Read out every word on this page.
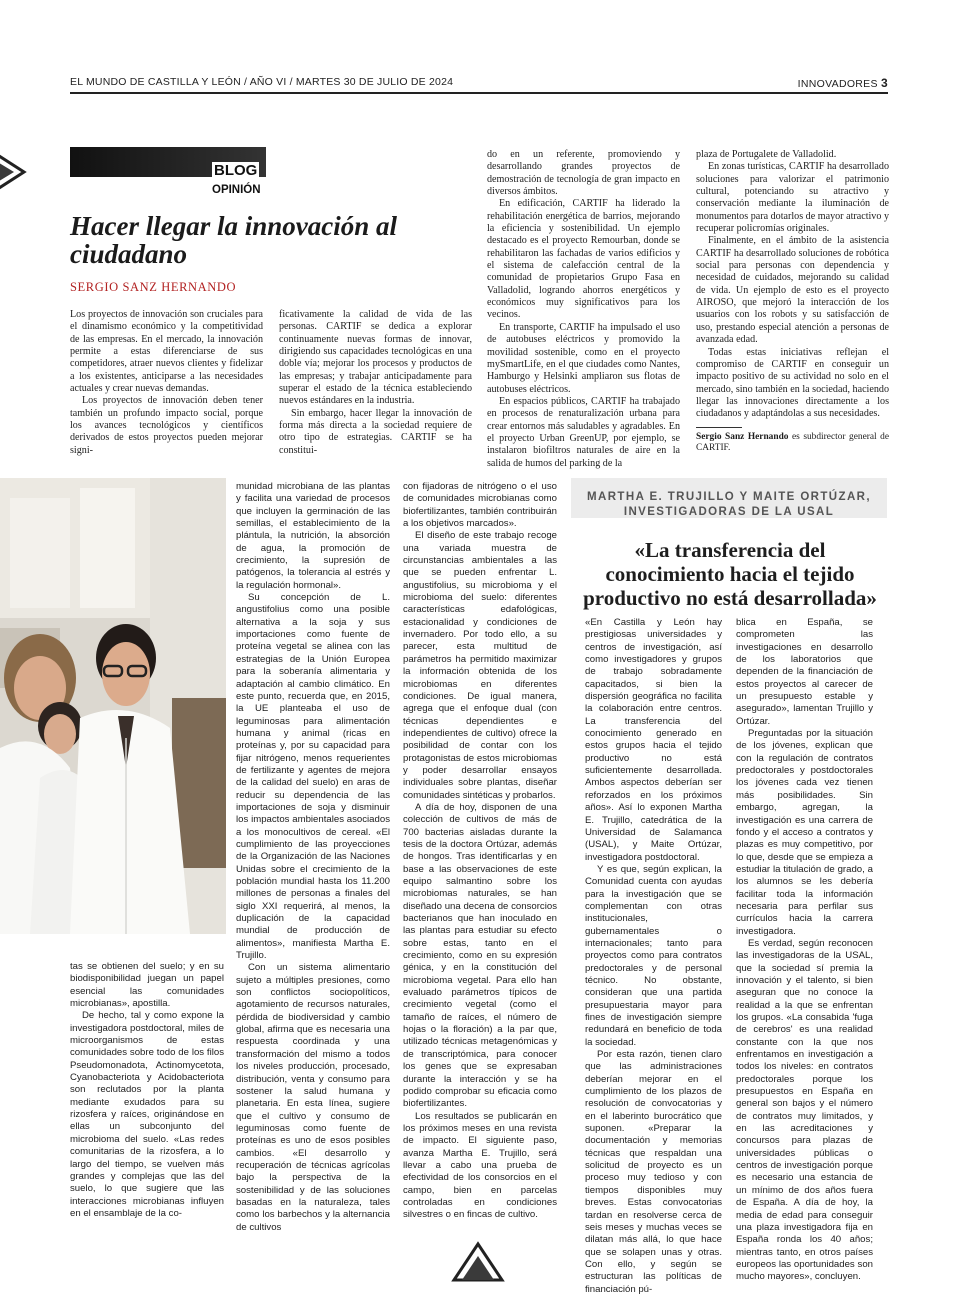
EL MUNDO DE CASTILLA Y LEÓN / AÑO VI / MARTES 30 DE JULIO DE 2024	INNOVADORES 3
BLOG
OPINIÓN
Hacer llegar la innovación al ciudadano
SERGIO SANZ HERNANDO

Los proyectos de innovación son cruciales para el dinamismo económico y la competitividad de las empresas. En el mercado, la innovación permite a estas diferenciarse de sus competidores, atraer nuevos clientes y fidelizar a los existentes, anticiparse a las necesidades actuales y crear nuevas demandas.

Los proyectos de innovación deben tener también un profundo impacto social, porque los avances tecnológicos y científicos derivados de estos proyectos pueden mejorar signi-

ficativamente la calidad de vida de las personas. CARTIF se dedica a explorar continuamente nuevas formas de innovar, dirigiendo sus capacidades tecnológicas en una doble vía; mejorar los procesos y productos de las empresas; y trabajar anticipadamente para superar el estado de la técnica estableciendo nuevos estándares en la industria.

Sin embargo, hacer llegar la innovación de forma más directa a la sociedad requiere de otro tipo de estrategias. CARTIF se ha constitui-

do en un referente, promoviendo y desarrollando grandes proyectos de demostración de tecnología de gran impacto en diversos ámbitos.

En edificación, CARTIF ha liderado la rehabilitación energética de barrios, mejorando la eficiencia y sostenibilidad. Un ejemplo destacado es el proyecto Remourban, donde se rehabilitaron las fachadas de varios edificios y el sistema de calefacción central de la comunidad de propietarios Grupo Fasa en Valladolid, logrando ahorros energéticos y económicos muy significativos para los vecinos.

En transporte, CARTIF ha impulsado el uso de autobuses eléctricos y promovido la movilidad sostenible, como en el proyecto mySmartLife, en el que ciudades como Nantes, Hamburgo y Helsinki ampliaron sus flotas de autobuses eléctricos.

En espacios públicos, CARTIF ha trabajado en procesos de renaturalización urbana para crear entornos más saludables y agradables. En el proyecto Urban GreenUP, por ejemplo, se instalaron biofiltros naturales de aire en la salida de humos del parking de la

plaza de Portugalete de Valladolid.

En zonas turísticas, CARTIF ha desarrollado soluciones para valorizar el patrimonio cultural, potenciando su atractivo y conservación mediante la iluminación de monumentos para dotarlos de mayor atractivo y recuperar policromías originales.

Finalmente, en el ámbito de la asistencia CARTIF ha desarrollado soluciones de robótica social para personas con dependencia y necesidad de cuidados, mejorando su calidad de vida. Un ejemplo de esto es el proyecto AIROSO, que mejoró la interacción de los usuarios con los robots y su satisfacción de uso, prestando especial atención a personas de avanzada edad.

Todas estas iniciativas reflejan el compromiso de CARTIF en conseguir un impacto positivo de su actividad no solo en el mercado, sino también en la sociedad, haciendo llegar las innovaciones directamente a los ciudadanos y adaptándolas a sus necesidades.

Sergio Sanz Hernando es subdirector general de CARTIF.

tas se obtienen del suelo; y en su biodisponibilidad juegan un papel esencial las comunidades microbianas», apostilla.

De hecho, tal y como expone la investigadora postdoctoral, miles de microorganismos de estas comunidades sobre todo de los filos Pseudomonadota, Actinomycetota, Cyanobacteriota y Acidobacteriota son reclutados por la planta mediante exudados para su rizosfera y raíces, originándose en ellas un subconjunto del microbioma del suelo. «Las redes comunitarias de la rizosfera, a lo largo del tiempo, se vuelven más grandes y complejas que las del suelo, lo que sugiere que las interacciones microbianas influyen en el ensamblaje de la co-

munidad microbiana de las plantas y facilita una variedad de procesos que incluyen la germinación de las semillas, el establecimiento de la plántula, la nutrición, la absorción de agua, la promoción de crecimiento, la supresión de patógenos, la tolerancia al estrés y la regulación hormonal».

Su concepción de L. angustifolius como una posible alternativa a la soja y sus importaciones como fuente de proteína vegetal se alinea con las estrategias de la Unión Europea para la soberanía alimentaria y adaptación al cambio climático. En este punto, recuerda que, en 2015, la UE planteaba el uso de leguminosas para alimentación humana y animal (ricas en proteínas y, por su capacidad para fijar nitrógeno, menos requerientes de fertilizante y agentes de mejora de la calidad del suelo) en aras de reducir su dependencia de las importaciones de soja y disminuir los impactos ambientales asociados a los monocultivos de cereal. «El cumplimiento de las proyecciones de la Organización de las Naciones Unidas sobre el crecimiento de la población mundial hasta los 11.200 millones de personas a finales del siglo XXI requerirá, al menos, la duplicación de la capacidad mundial de producción de alimentos», manifiesta Martha E. Trujillo.

Con un sistema alimentario sujeto a múltiples presiones, como son conflictos sociopolíticos, agotamiento de recursos naturales, pérdida de biodiversidad y cambio global, afirma que es necesaria una respuesta coordinada y una transformación del mismo a todos los niveles producción, procesado, distribución, venta y consumo para sostener la salud humana y planetaria. En esta línea, sugiere que el cultivo y consumo de leguminosas como fuente de proteínas es uno de esos posibles cambios. «El desarrollo y recuperación de técnicas agrícolas bajo la perspectiva de la sostenibilidad y de las soluciones basadas en la naturaleza, tales como los barbechos y la alternancia de cultivos

con fijadoras de nitrógeno o el uso de comunidades microbianas como biofertilizantes, también contribuirán a los objetivos marcados».

El diseño de este trabajo recoge una variada muestra de circunstancias ambientales a las que se pueden enfrentar L. angustifolius, su microbioma y el microbioma del suelo: diferentes características edafológicas, estacionalidad y condiciones de invernadero. Por todo ello, a su parecer, esta multitud de parámetros ha permitido maximizar la información obtenida de los microbiomas en diferentes condiciones. De igual manera, agrega que el enfoque dual (con técnicas dependientes e independientes de cultivo) ofrece la posibilidad de contar con los protagonistas de estos microbiomas y poder desarrollar ensayos individuales sobre plantas, diseñar comunidades sintéticas y probarlos.

A día de hoy, disponen de una colección de cultivos de más de 700 bacterias aisladas durante la tesis de la doctora Ortúzar, además de hongos. Tras identificarlas y en base a las observaciones de este equipo salmantino sobre los microbiomas naturales, se han diseñado una decena de consorcios bacterianos que han inoculado en las plantas para estudiar su efecto sobre estas, tanto en el crecimiento, como en su expresión génica, y en la constitución del microbioma vegetal. Para ello han evaluado parámetros típicos de crecimiento vegetal (como el tamaño de raíces, el número de hojas o la floración) a la par que, utilizado técnicas metagenómicas y de transcriptómica, para conocer los genes que se expresaban durante la interacción y se ha podido comprobar su eficacia como biofertilizantes.

Los resultados se publicarán en los próximos meses en una revista de impacto. El siguiente paso, avanza Martha E. Trujillo, será llevar a cabo una prueba de efectividad de los consorcios en el campo, bien en parcelas controladas en condiciones silvestres o en fincas de cultivo.

MARTHA E. TRUJILLO Y MAITE ORTÚZAR, INVESTIGADORAS DE LA USAL
«La transferencia del conocimiento hacia el tejido productivo no está desarrollada»

«En Castilla y León hay prestigiosas universidades y centros de investigación, así como investigadores y grupos de trabajo sobradamente capacitados, si bien la dispersión geográfica no facilita la colaboración entre centros. La transferencia del conocimiento generado en estos grupos hacia el tejido productivo no está suficientemente desarrollada. Ambos aspectos deberían ser reforzados en los próximos años». Así lo exponen Martha E. Trujillo, catedrática de la Universidad de Salamanca (USAL), y Maite Ortúzar, investigadora postdoctoral.

Y es que, según explican, la Comunidad cuenta con ayudas para la investigación que se complementan con otras institucionales, gubernamentales o internacionales; tanto para proyectos como para contratos predoctorales y de personal técnico. No obstante, consideran que una partida presupuestaria mayor para fines de investigación siempre redundará en beneficio de toda la sociedad.

Por esta razón, tienen claro que las administraciones deberían mejorar en el cumplimiento de los plazos de resolución de convocatorias y en el laberinto burocrático que suponen. «Preparar la documentación y memorias técnicas que respaldan una solicitud de proyecto es un proceso muy tedioso y con tiempos disponibles muy breves. Estas convocatorias tardan en resolverse cerca de seis meses y muchas veces se dilatan más allá, lo que hace que se solapen unas y otras. Con ello, y según se estructuran las políticas de financiación pú-

blica en España, se comprometen las investigaciones en desarrollo de los laboratorios que dependen de la financiación de estos proyectos al carecer de un presupuesto estable y asegurado», lamentan Trujillo y Ortúzar.

Preguntadas por la situación de los jóvenes, explican que con la regulación de contratos predoctorales y postdoctorales los jóvenes cada vez tienen más posibilidades. Sin embargo, agregan, la investigación es una carrera de fondo y el acceso a contratos y plazas es muy competitivo, por lo que, desde que se empieza a estudiar la titulación de grado, a los alumnos se les debería facilitar toda la información necesaria para perfilar sus currículos hacia la carrera investigadora.

Es verdad, según reconocen las investigadoras de la USAL, que la sociedad sí premia la innovación y el talento, si bien aseguran que no conoce la realidad a la que se enfrentan los grupos. «La consabida 'fuga de cerebros' es una realidad constante con la que nos enfrentamos en investigación a todos los niveles: en contratos predoctorales porque los presupuestos en España en general son bajos y el número de contratos muy limitados, y en las acreditaciones y concursos para plazas de universidades públicas o centros de investigación porque es necesario una estancia de un mínimo de dos años fuera de España. A día de hoy, la media de edad para conseguir una plaza investigadora fija en España ronda los 40 años; mientras tanto, en otros países europeos las oportunidades son mucho mayores», concluyen.
